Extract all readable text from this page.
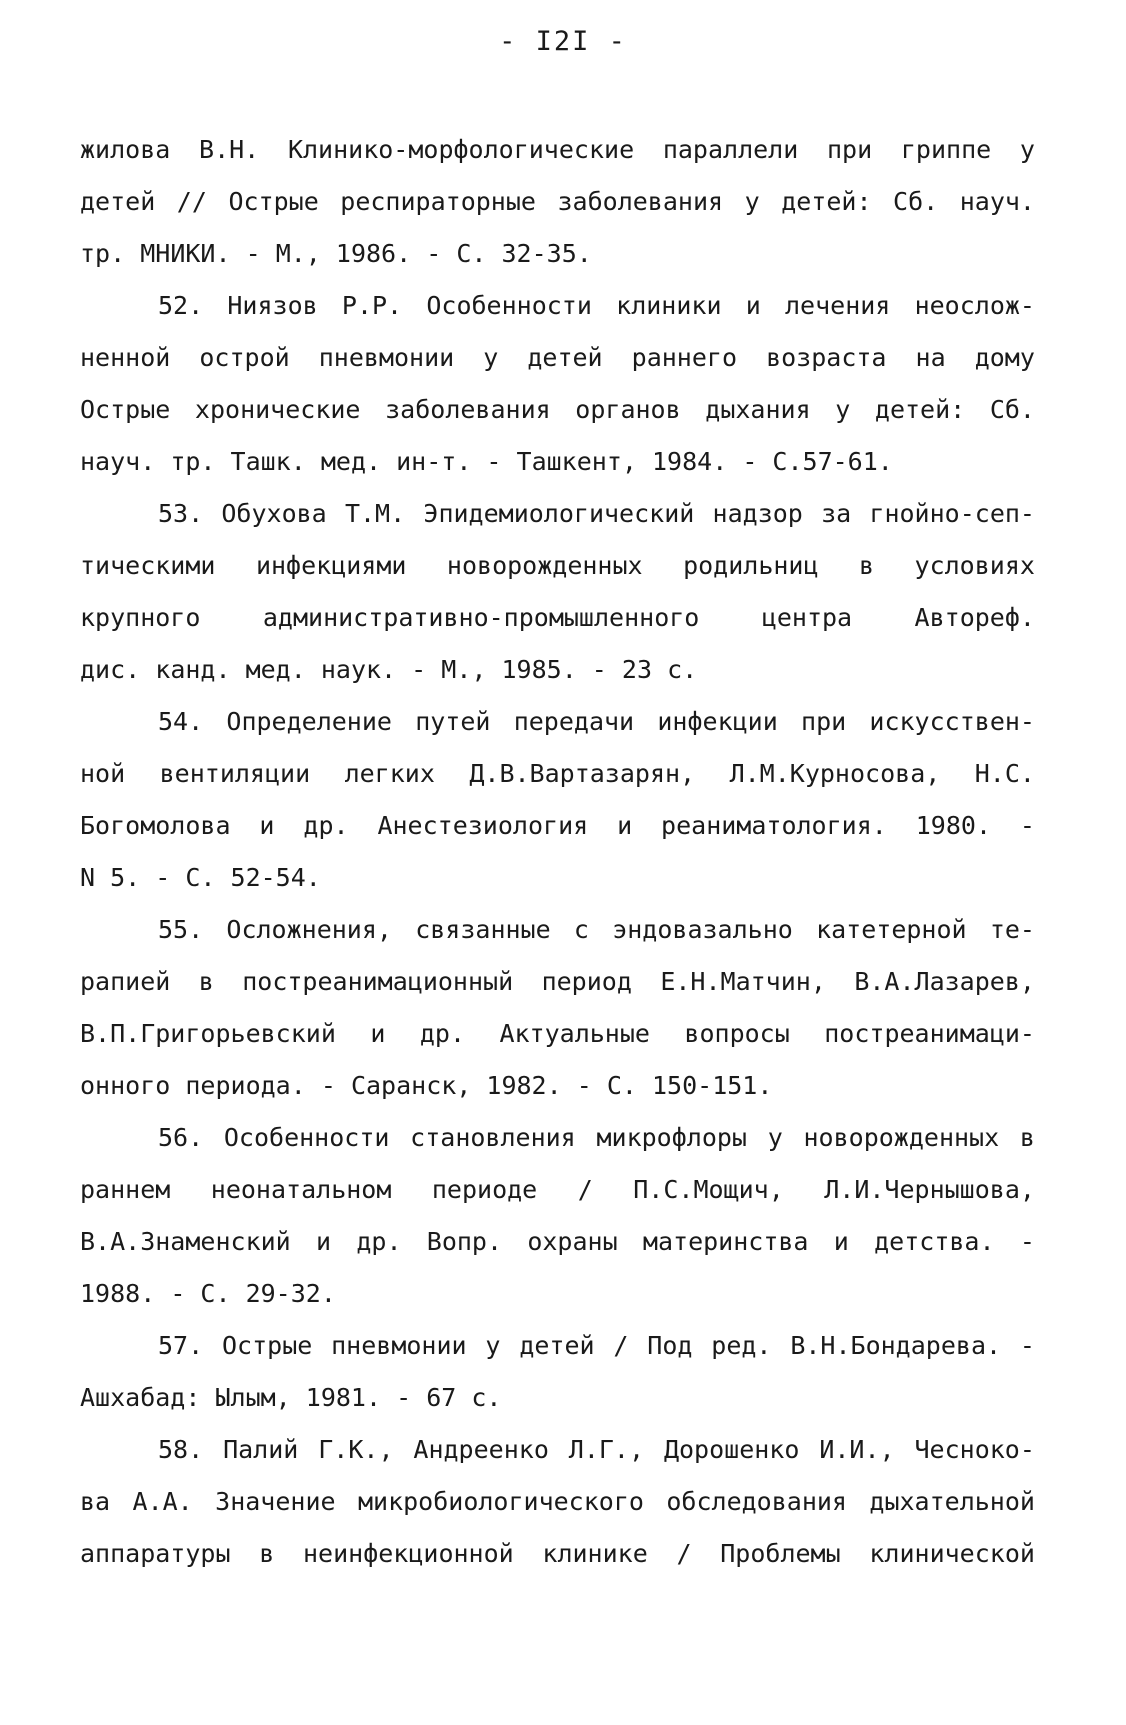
- I2I -
жилова В.Н. Клинико-морфологические параллели при гриппе у
детей // Острые респираторные заболевания у детей: Сб. науч.
тр. МНИКИ. - М., 1986. - С. 32-35.
52. Ниязов Р.Р. Особенности клиники и лечения неослож-
ненной острой пневмонии у детей раннего возраста на дому
Острые хронические заболевания органов дыхания у детей: Сб.
науч. тр. Ташк. мед. ин-т. - Ташкент, 1984. - С.57-61.
53. Обухова Т.М. Эпидемиологический надзор за гнойно-сеп-
тическими инфекциями новорожденных родильниц в условиях
крупного административно-промышленного центра Автореф.
дис. канд. мед. наук. - М., 1985. - 23 с.
54. Определение путей передачи инфекции при искусствен-
ной вентиляции легких Д.В.Вартазарян, Л.М.Курносова, Н.С.
Богомолова и др. Анестезиология и реаниматология. 1980. -
N 5. - С. 52-54.
55. Осложнения, связанные с эндовазально катетерной те-
рапией в постреанимационный период Е.Н.Матчин, В.А.Лазарев,
В.П.Григорьевский и др. Актуальные вопросы постреанимаци-
онного периода. - Саранск, 1982. - С. 150-151.
56. Особенности становления микрофлоры у новорожденных в
раннем неонатальном периоде / П.С.Мощич, Л.И.Чернышова,
В.А.Знаменский и др. Вопр. охраны материнства и детства. -
1988. - С. 29-32.
57. Острые пневмонии у детей / Под ред. В.Н.Бондарева. -
Ашхабад: Ылым, 1981. - 67 с.
58. Палий Г.К., Андреенко Л.Г., Дорошенко И.И., Чеснoко-
ва А.А. Значение микробиологического обследования дыхательной
аппаратуры в неинфекционной клинике / Проблемы клинической
